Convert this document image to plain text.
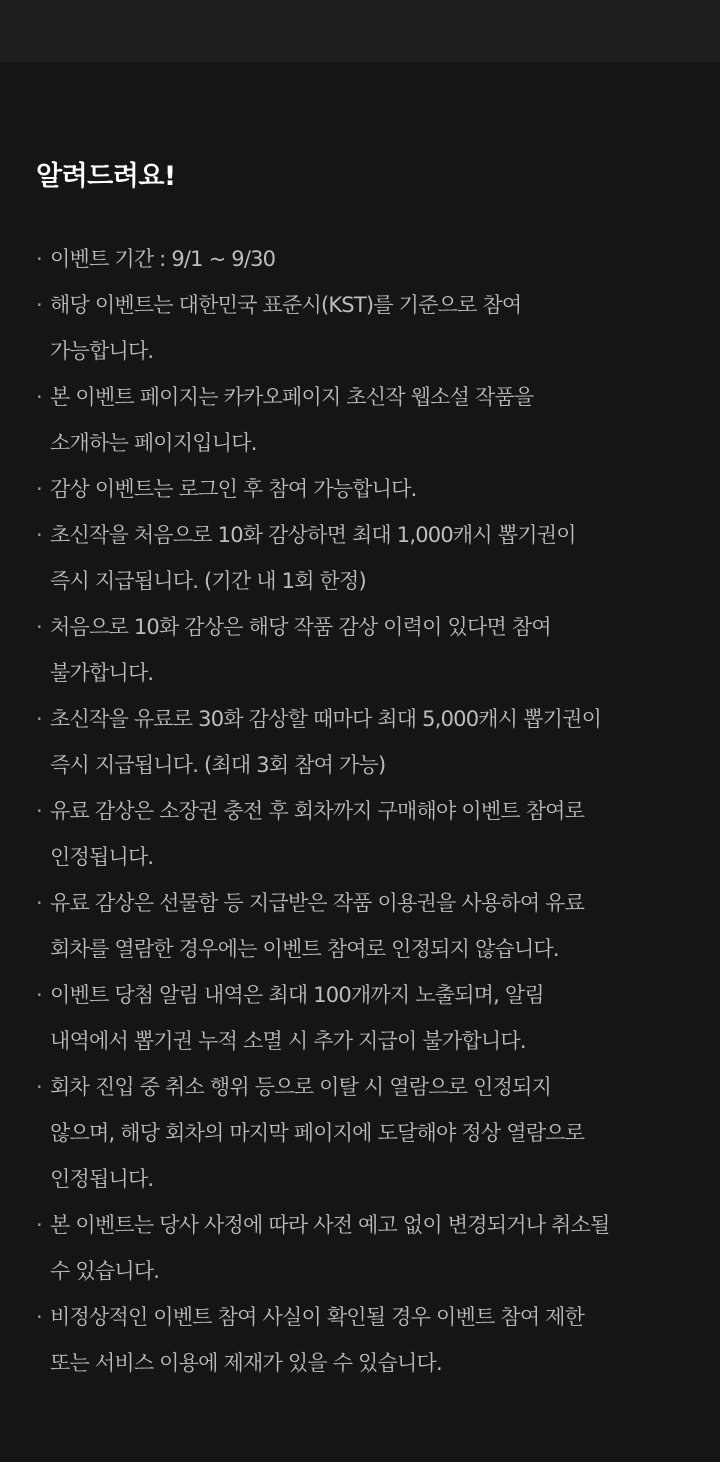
알려드려요!
· 이벤트 기간 : 9/1 ~ 9/30
· 해당 이벤트는 대한민국 표준시(KST)를 기준으로 참여
가능합니다.
· 본 이벤트 페이지는 카카오페이지 초신작 웹소설 작품을
소개하는 페이지입니다.
· 감상 이벤트는 로그인 후 참여 가능합니다.
· 초신작을 처음으로 10화 감상하면 최대 1,000캐시 뽑기권이
즉시 지급됩니다. (기간 내 1회 한정)
· 처음으로 10화 감상은 해당 작품 감상 이력이 있다면 참여
불가합니다.
· 초신작을 유료로 30화 감상할 때마다 최대 5,000캐시 뽑기권이
즉시 지급됩니다. (최대 3회 참여 가능)
· 유료 감상은 소장권 충전 후 회차까지 구매해야 이벤트 참여로
인정됩니다.
· 유료 감상은 선물함 등 지급받은 작품 이용권을 사용하여 유료
회차를 열람한 경우에는 이벤트 참여로 인정되지 않습니다.
· 이벤트 당첨 알림 내역은 최대 100개까지 노출되며, 알림
내역에서 뽑기권 누적 소멸 시 추가 지급이 불가합니다.
· 회차 진입 중 취소 행위 등으로 이탈 시 열람으로 인정되지
않으며, 해당 회차의 마지막 페이지에 도달해야 정상 열람으로
인정됩니다.
· 본 이벤트는 당사 사정에 따라 사전 예고 없이 변경되거나 취소될
수 있습니다.
· 비정상적인 이벤트 참여 사실이 확인될 경우 이벤트 참여 제한
또는 서비스 이용에 제재가 있을 수 있습니다.
